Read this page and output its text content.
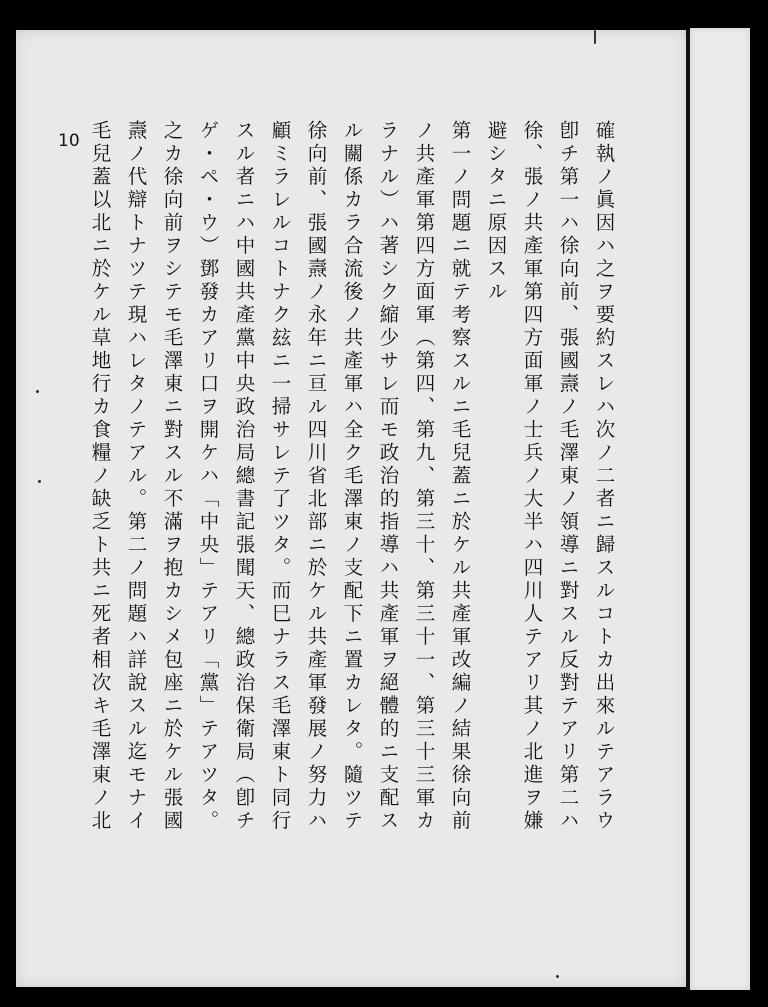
10	確執ノ眞因ハ之ヲ要約スレハ次ノ二者ニ歸スルコトカ出來ルテアラウ
卽チ第一ハ徐向前、張國燾ノ毛澤東ノ領導ニ對スル反對テアリ第二ハ
徐、張ノ共產軍第四方面軍ノ士兵ノ大半ハ四川人テアリ其ノ北進ヲ嫌
避シタニ原因スル
第一ノ問題ニ就テ考察スルニ毛兒蓋ニ於ケル共產軍改編ノ結果徐向前
ノ共產軍第四方面軍（第四、第九、第三十、第三十一、第三十三軍カ
ラナル）ハ著シク縮少サレ而モ政治的指導ハ共產軍ヲ絕體的ニ支配ス
ル關係カラ合流後ノ共產軍ハ全ク毛澤東ノ支配下ニ置カレタ。隨ツテ
徐向前、張國燾ノ永年ニ亘ル四川省北部ニ於ケル共產軍發展ノ努力ハ
顧ミラレルコトナク玆ニ一掃サレテ了ツタ。而巳ナラス毛澤東ト同行
スル者ニハ中國共產黨中央政治局總書記張聞天、總政治保衛局（卽チ
ゲ・ペ・ウ）鄧發カアリ口ヲ開ケハ「中央」テアリ「黨」テアツタ。
之カ徐向前ヲシテモ毛澤東ニ對スル不滿ヲ抱カシメ包座ニ於ケル張國
燾ノ代辯トナツテ現ハレタノテアル。第二ノ問題ハ詳說スル迄モナイ
毛兒蓋以北ニ於ケル草地行カ食糧ノ缺乏ト共ニ死者相次キ毛澤東ノ北
